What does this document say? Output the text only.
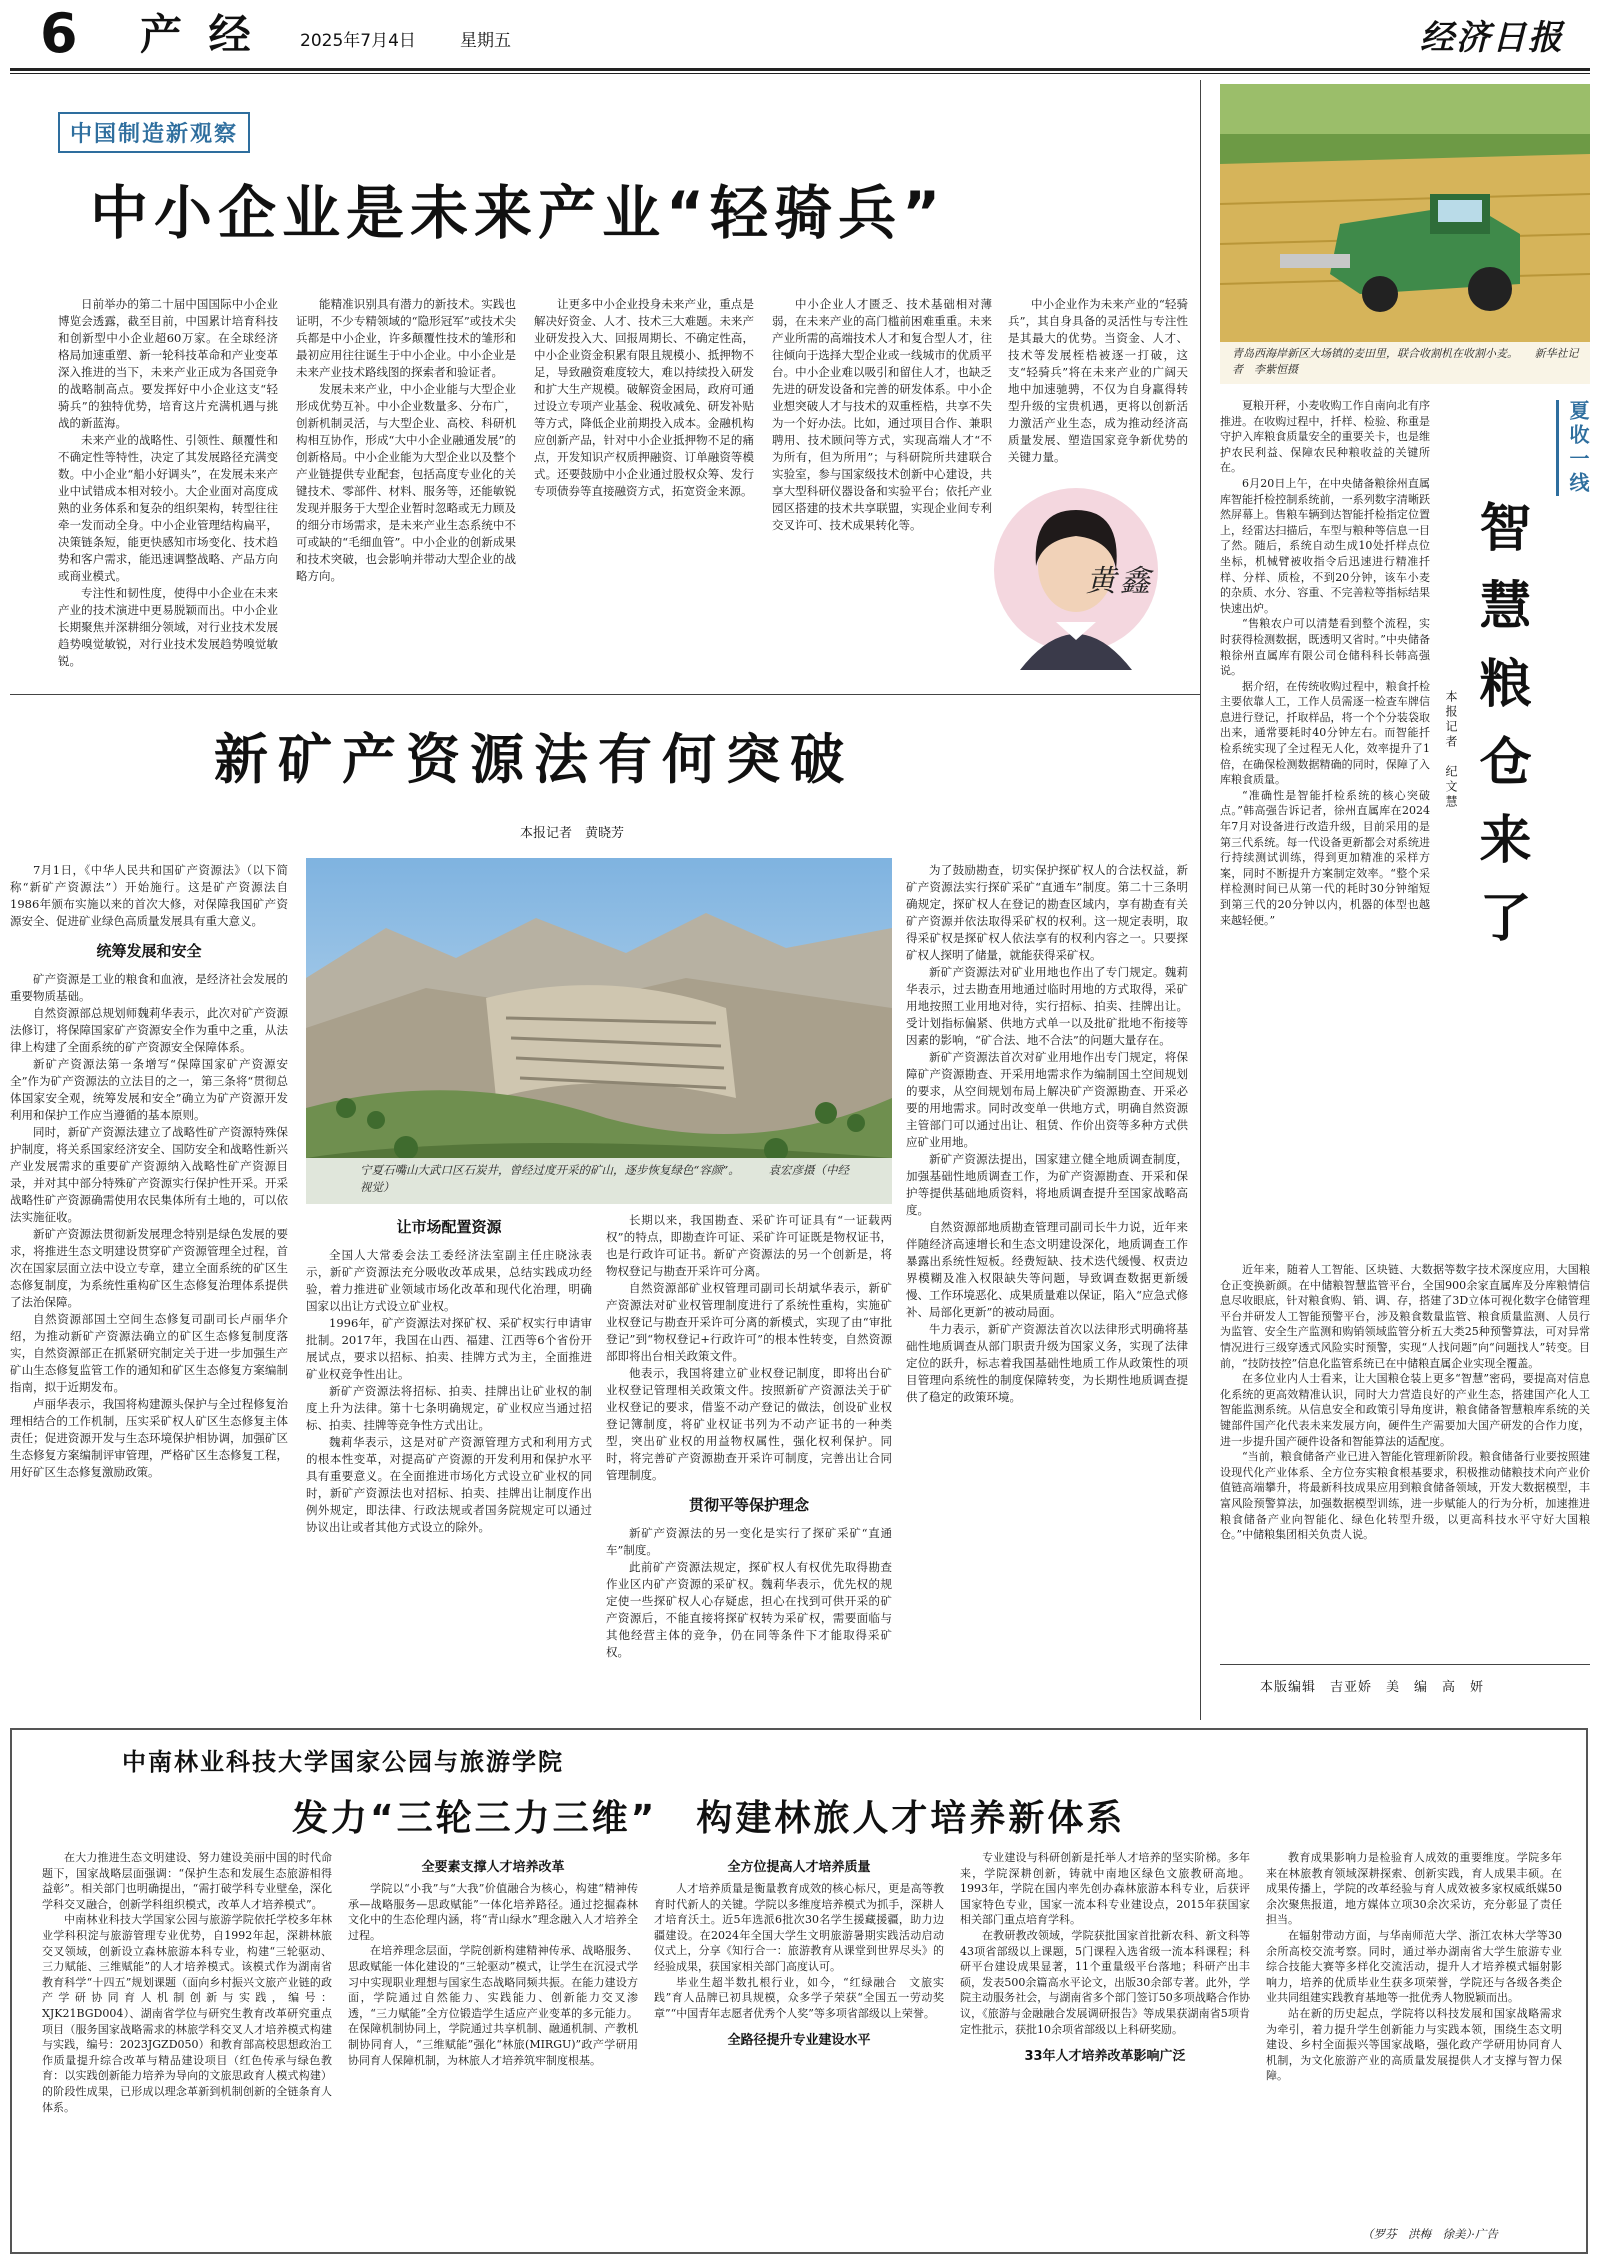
6 产 经	2025年7月4日	星期五	经济日报
中国制造新观察
中小企业是未来产业“轻骑兵”

日前举办的第二十届中国国际中小企业博览会透露，截至目前，中国累计培育科技和创新型中小企业超60万家。在全球经济格局加速重塑、新一轮科技革命和产业变革深入推进的当下，未来产业正成为各国竞争的战略制高点。要发挥好中小企业这支“轻骑兵”的独特优势，培育这片充满机遇与挑战的新蓝海。

未来产业的战略性、引领性、颠覆性和不确定性等特性，决定了其发展路径充满变数。中小企业“船小好调头”，在发展未来产业中试错成本相对较小。大企业面对高度成熟的业务体系和复杂的组织架构，转型往往牵一发而动全身。中小企业管理结构扁平，决策链条短，能更快感知市场变化、技术趋势和客户需求，能迅速调整战略、产品方向或商业模式。

专注性和韧性度，使得中小企业在未来产业的技术演进中更易脱颖而出。中小企业长期聚焦并深耕细分领域，对行业技术发展趋势嗅觉敏锐，对行业技术发展趋势嗅觉敏锐。

能精准识别具有潜力的新技术。实践也证明，不少专精领域的“隐形冠军”或技术尖兵都是中小企业，许多颠覆性技术的雏形和最初应用往往诞生于中小企业。中小企业是未来产业技术路线图的探索者和验证者。

发展未来产业，中小企业能与大型企业形成优势互补。中小企业数量多、分布广，创新机制灵活，与大型企业、高校、科研机构相互协作，形成“大中小企业融通发展”的创新格局。中小企业能为大型企业以及整个产业链提供专业配套，包括高度专业化的关键技术、零部件、材料、服务等，还能敏锐发现并服务于大型企业暂时忽略或无力顾及的细分市场需求，是未来产业生态系统中不可或缺的“毛细血管”。中小企业的创新成果和技术突破，也会影响并带动大型企业的战略方向。

让更多中小企业投身未来产业，重点是解决好资金、人才、技术三大难题。未来产业研发投入大、回报周期长、不确定性高，中小企业资金积累有限且规模小、抵押物不足，导致融资难度较大，难以持续投入研发和扩大生产规模。破解资金困局，政府可通过设立专项产业基金、税收减免、研发补贴等方式，降低企业前期投入成本。金融机构应创新产品，针对中小企业抵押物不足的痛点，开发知识产权质押融资、订单融资等模式。还要鼓励中小企业通过股权众筹、发行专项债券等直接融资方式，拓宽资金来源。

中小企业人才匮乏、技术基础相对薄弱，在未来产业的高门槛前困难重重。未来产业所需的高端技术人才和复合型人才，往往倾向于选择大型企业或一线城市的优质平台。中小企业难以吸引和留住人才，也缺乏先进的研发设备和完善的研发体系。中小企业想突破人才与技术的双重桎梏，共享不失为一个好办法。比如，通过项目合作、兼职聘用、技术顾问等方式，实现高端人才“不为所有，但为所用”；与科研院所共建联合实验室，参与国家级技术创新中心建设，共享大型科研仪器设备和实验平台；依托产业园区搭建的技术共享联盟，实现企业间专利交叉许可、技术成果转化等。

中小企业作为未来产业的“轻骑兵”，其自身具备的灵活性与专注性是其最大的优势。当资金、人才、技术等发展桎梏被逐一打破，这支“轻骑兵”将在未来产业的广阔天地中加速驰骋，不仅为自身赢得转型升级的宝贵机遇，更将以创新活力激活产业生态，成为推动经济高质量发展、塑造国家竞争新优势的关键力量。

黄鑫
新矿产资源法有何突破
本报记者　黄晓芳

7月1日，《中华人民共和国矿产资源法》（以下简称“新矿产资源法”）开始施行。这是矿产资源法自1986年颁布实施以来的首次大修，对保障我国矿产资源安全、促进矿业绿色高质量发展具有重大意义。

统筹发展和安全

矿产资源是工业的粮食和血液，是经济社会发展的重要物质基础。

自然资源部总规划师魏莉华表示，此次对矿产资源法修订，将保障国家矿产资源安全作为重中之重，从法律上构建了全面系统的矿产资源安全保障体系。

新矿产资源法第一条增写“保障国家矿产资源安全”作为矿产资源法的立法目的之一，第三条将“贯彻总体国家安全观，统筹发展和安全”确立为矿产资源开发利用和保护工作应当遵循的基本原则。

同时，新矿产资源法建立了战略性矿产资源特殊保护制度，将关系国家经济安全、国防安全和战略性新兴产业发展需求的重要矿产资源纳入战略性矿产资源目录，并对其中部分特殊矿产资源实行保护性开采。开采战略性矿产资源确需使用农民集体所有土地的，可以依法实施征收。

新矿产资源法贯彻新发展理念特别是绿色发展的要求，将推进生态文明建设贯穿矿产资源管理全过程，首次在国家层面立法中设立专章，建立全面系统的矿区生态修复制度，为系统性重构矿区生态修复治理体系提供了法治保障。

自然资源部国土空间生态修复司副司长卢丽华介绍，为推动新矿产资源法确立的矿区生态修复制度落实，自然资源部正在抓紧研究制定关于进一步加强生产矿山生态修复监管工作的通知和矿区生态修复方案编制指南，拟于近期发布。

卢丽华表示，我国将构建源头保护与全过程修复治理相结合的工作机制，压实采矿权人矿区生态修复主体责任；促进资源开发与生态环境保护相协调，加强矿区生态修复方案编制评审管理，严格矿区生态修复工程，用好矿区生态修复激励政策。

宁夏石嘴山大武口区石炭井，曾经过度开采的矿山，逐步恢复绿色“容颜”。　　　袁宏彦摄（中经视觉）
让市场配置资源

全国人大常委会法工委经济法室副主任庄晓泳表示，新矿产资源法充分吸收改革成果，总结实践成功经验，着力推进矿业领域市场化改革和现代化治理，明确国家以出让方式设立矿业权。

1996年，矿产资源法对探矿权、采矿权实行申请审批制。2017年，我国在山西、福建、江西等6个省份开展试点，要求以招标、拍卖、挂牌方式为主，全面推进矿业权竞争性出让。

新矿产资源法将招标、拍卖、挂牌出让矿业权的制度上升为法律。第十七条明确规定，矿业权应当通过招标、拍卖、挂牌等竞争性方式出让。

魏莉华表示，这是对矿产资源管理方式和利用方式的根本性变革，对提高矿产资源的开发利用和保护水平具有重要意义。在全面推进市场化方式设立矿业权的同时，新矿产资源法也对招标、拍卖、挂牌出让制度作出例外规定，即法律、行政法规或者国务院规定可以通过协议出让或者其他方式设立的除外。

长期以来，我国勘查、采矿许可证具有“一证载两权”的特点，即勘查许可证、采矿许可证既是物权证书，也是行政许可证书。新矿产资源法的另一个创新是，将物权登记与勘查开采许可分离。

自然资源部矿业权管理司副司长胡斌华表示，新矿产资源法对矿业权管理制度进行了系统性重构，实施矿业权登记与勘查开采许可分离的新模式，实现了由“审批登记”到“物权登记+行政许可”的根本性转变，自然资源部即将出台相关政策文件。

他表示，我国将建立矿业权登记制度，即将出台矿业权登记管理相关政策文件。按照新矿产资源法关于矿业权登记的要求，借鉴不动产登记的做法，创设矿业权登记簿制度，将矿业权证书列为不动产证书的一种类型，突出矿业权的用益物权属性，强化权利保护。同时，将完善矿产资源勘查开采许可制度，完善出让合同管理制度。

贯彻平等保护理念

新矿产资源法的另一变化是实行了探矿采矿“直通车”制度。

此前矿产资源法规定，探矿权人有权优先取得勘查作业区内矿产资源的采矿权。魏莉华表示，优先权的规定使一些探矿权人心存疑虑，担心在找到可供开采的矿产资源后，不能直接将探矿权转为采矿权，需要面临与其他经营主体的竞争，仍在同等条件下才能取得采矿权。

为了鼓励勘查，切实保护探矿权人的合法权益，新矿产资源法实行探矿采矿“直通车”制度。第二十三条明确规定，探矿权人在登记的勘查区域内，享有勘查有关矿产资源并依法取得采矿权的权利。这一规定表明，取得采矿权是探矿权人依法享有的权利内容之一。只要探矿权人探明了储量，就能获得采矿权。

新矿产资源法对矿业用地也作出了专门规定。魏莉华表示，过去勘查用地通过临时用地的方式取得，采矿用地按照工业用地对待，实行招标、拍卖、挂牌出让。受计划指标偏紧、供地方式单一以及批矿批地不衔接等因素的影响，“矿合法、地不合法”的问题大量存在。

新矿产资源法首次对矿业用地作出专门规定，将保障矿产资源勘查、开采用地需求作为编制国土空间规划的要求，从空间规划布局上解决矿产资源勘查、开采必要的用地需求。同时改变单一供地方式，明确自然资源主管部门可以通过出让、租赁、作价出资等多种方式供应矿业用地。

新矿产资源法提出，国家建立健全地质调查制度，加强基础性地质调查工作，为矿产资源勘查、开采和保护等提供基础地质资料，将地质调查提升至国家战略高度。

自然资源部地质勘查管理司副司长牛力说，近年来伴随经济高速增长和生态文明建设深化，地质调查工作暴露出系统性短板。经费短缺、技术迭代缓慢、权责边界模糊及准入权限缺失等问题，导致调查数据更新缓慢、工作环境恶化、成果质量难以保证，陷入“应急式修补、局部化更新”的被动局面。

牛力表示，新矿产资源法首次以法律形式明确将基础性地质调查从部门职责升级为国家义务，实现了法律定位的跃升，标志着我国基础性地质工作从政策性的项目管理向系统性的制度保障转变，为长期性地质调查提供了稳定的政策环境。

青岛西海岸新区大场镇的麦田里，联合收割机在收割小麦。　　新华社记者　李紫恒摄

夏粮开秤，小麦收购工作自南向北有序推进。在收购过程中，扦样、检验、称重是守护入库粮食质量安全的重要关卡，也是维护农民利益、保障农民种粮收益的关键所在。

6月20日上午，在中央储备粮徐州直属库智能扦检控制系统前，一系列数字清晰跃然屏幕上。售粮车辆到达智能扦检指定位置上，经雷达扫描后，车型与粮种等信息一目了然。随后，系统自动生成10处扦样点位坐标，机械臂被收指令后迅速进行精准扦样、分样、质检，不到20分钟，该车小麦的杂质、水分、容重、不完善粒等指标结果快速出炉。

“售粮农户可以清楚看到整个流程，实时获得检测数据，既透明又省时。”中央储备粮徐州直属库有限公司仓储科科长韩高强说。

据介绍，在传统收购过程中，粮食扦检主要依靠人工，工作人员需逐一检查车牌信息进行登记，扦取样品，将一个个分装袋取出来，通常要耗时40分钟左右。而智能扦检系统实现了全过程无人化，效率提升了1倍，在确保检测数据精确的同时，保障了入库粮食质量。

“准确性是智能扦检系统的核心突破点。”韩高强告诉记者，徐州直属库在2024年7月对设备进行改造升级，目前采用的是第三代系统。每一代设备更新都会对系统进行持续测试训练，得到更加精准的采样方案，同时不断提升方案制定效率。“整个采样检测时间已从第一代的耗时30分钟缩短到第三代的20分钟以内，机器的体型也越来越轻便。”

夏收一线
智慧粮仓来了
本报记者　纪文慧

近年来，随着人工智能、区块链、大数据等数字技术深度应用，大国粮仓正变换新颜。在中储粮智慧监管平台，全国900余家直属库及分库粮情信息尽收眼底，针对粮食购、销、调、存，搭建了3D立体可视化数字仓储管理平台并研发人工智能预警平台，涉及粮食数量监管、粮食质量监测、人员行为监管、安全生产监测和购销领域监管分析五大类25种预警算法，可对异常情况进行三级穿透式风险实时预警，实现“人找问题”向“问题找人”转变。目前，“技防技控”信息化监管系统已在中储粮直属企业实现全覆盖。

在多位业内人士看来，让大国粮仓装上更多“智慧”密码，要提高对信息化系统的更高效精准认识，同时大力营造良好的产业生态，搭建国产化人工智能监测系统。从信息安全和政策引导角度讲，粮食储备智慧粮库系统的关键部件国产化代表未来发展方向，硬件生产需要加大国产研发的合作力度，进一步提升国产硬件设备和智能算法的适配度。

“当前，粮食储备产业已进入智能化管理新阶段。粮食储备行业要按照建设现代化产业体系、全方位夯实粮食根基要求，积极推动储粮技术向产业价值链高端攀升，将最新科技成果应用到粮食储备领域，开发大数据模型，丰富风险预警算法，加强数据模型训练，进一步赋能人的行为分析，加速推进粮食储备产业向智能化、绿色化转型升级，以更高科技水平守好大国粮仓。”中储粮集团相关负责人说。

本版编辑　吉亚娇　美　编　高　妍
中南林业科技大学国家公园与旅游学院
发力“三轮三力三维”　构建林旅人才培养新体系

在大力推进生态文明建设、努力建设美丽中国的时代命题下，国家战略层面强调：“保护生态和发展生态旅游相得益彰”。相关部门也明确提出，“需打破学科专业壁垒，深化学科交叉融合，创新学科组织模式，改革人才培养模式”。

中南林业科技大学国家公园与旅游学院依托学校多年林业学科积淀与旅游管理专业优势，自1992年起，深耕林旅交叉领域，创新设立森林旅游本科专业，构建“三轮驱动、三力赋能、三维赋能”的人才培养模式。该模式作为湖南省教育科学“十四五”规划课题（面向乡村振兴文旅产业链的政产学研协同育人机制创新与实践，编号：XJK21BGD004）、湖南省学位与研究生教育改革研究重点项目（服务国家战略需求的林旅学科交叉人才培养模式构建与实践，编号：2023JGZD050）和教育部高校思想政治工作质量提升综合改革与精品建设项目（红色传承与绿色教育：以实践创新能力培养为导向的文旅思政育人模式构建）的阶段性成果，已形成以理念革新到机制创新的全链条育人体系。

全要素支撑人才培养改革

学院以“小我”与“大我”价值融合为核心，构建“精神传承—战略服务—思政赋能”一体化培养路径。通过挖掘森林文化中的生态伦理内涵，将“青山绿水”理念融入人才培养全过程。

在培养理念层面，学院创新构建精神传承、战略服务、思政赋能一体化建设的“三轮驱动”模式，让学生在沉浸式学习中实现职业理想与国家生态战略同频共振。在能力建设方面，学院通过自然能力、实践能力、创新能力交叉渗透，“三力赋能”全方位锻造学生适应产业变革的多元能力。在保障机制协同上，学院通过共享机制、融通机制、产教机制协同育人，“三维赋能”强化“林旅(MIRGU)”政产学研用协同育人保障机制，为林旅人才培养筑牢制度根基。

全方位提高人才培养质量

人才培养质量是衡量教育成效的核心标尺，更是高等教育时代新人的关键。学院以多维度培养模式为抓手，深耕人才培育沃土。近5年选派6批次30名学生援藏援疆，助力边疆建设。在2024年全国大学生文明旅游暑期实践活动启动仪式上，分享《知行合一：旅游教育从课堂到世界尽头》的经验成果，获国家相关部门高度认可。

毕业生超半数扎根行业，如今，“红绿融合　文旅实践”育人品牌已初具规模，众多学子荣获“全国五一劳动奖章”“中国青年志愿者优秀个人奖”等多项省部级以上荣誉。

全路径提升专业建设水平

专业建设与科研创新是托举人才培养的坚实阶梯。多年来，学院深耕创新，铸就中南地区绿色文旅教研高地。1993年，学院在国内率先创办森林旅游本科专业，后获评国家特色专业，国家一流本科专业建设点，2015年获国家相关部门重点培育学科。

在教研教改领域，学院获批国家首批新农科、新文科等43项省部级以上课题，5门课程入选省级一流本科课程；科研平台建设成果显著，11个重量级平台落地；科研产出丰硕，发表500余篇高水平论文，出版30余部专著。此外，学院主动服务社会，与湖南省多个部门签订50多项战略合作协议，《旅游与金融融合发展调研报告》等成果获湖南省5项肯定性批示，获批10余项省部级以上科研奖励。

33年人才培养改革影响广泛

教育成果影响力是检验育人成效的重要维度。学院多年来在林旅教育领域深耕探索、创新实践，育人成果丰硕。在成果传播上，学院的改革经验与育人成效被多家权威纸媒50余次聚焦报道，地方媒体立项30余次采访，充分彰显了责任担当。

在辐射带动方面，与华南师范大学、浙江农林大学等30余所高校交流考察。同时，通过举办湖南省大学生旅游专业综合技能大赛等多样化交流活动，提升人才培养模式辐射影响力，培养的优质毕业生获多项荣誉，学院还与各级各类企业共同组建实践教育基地等一批优秀人物脱颖而出。

站在新的历史起点，学院将以科技发展和国家战略需求为牵引，着力提升学生创新能力与实践本领，围绕生态文明建设、乡村全面振兴等国家战略，强化政产学研用协同育人机制，为文化旅游产业的高质量发展提供人才支撑与智力保障。

（罗芬　洪梅　徐美）·广告
